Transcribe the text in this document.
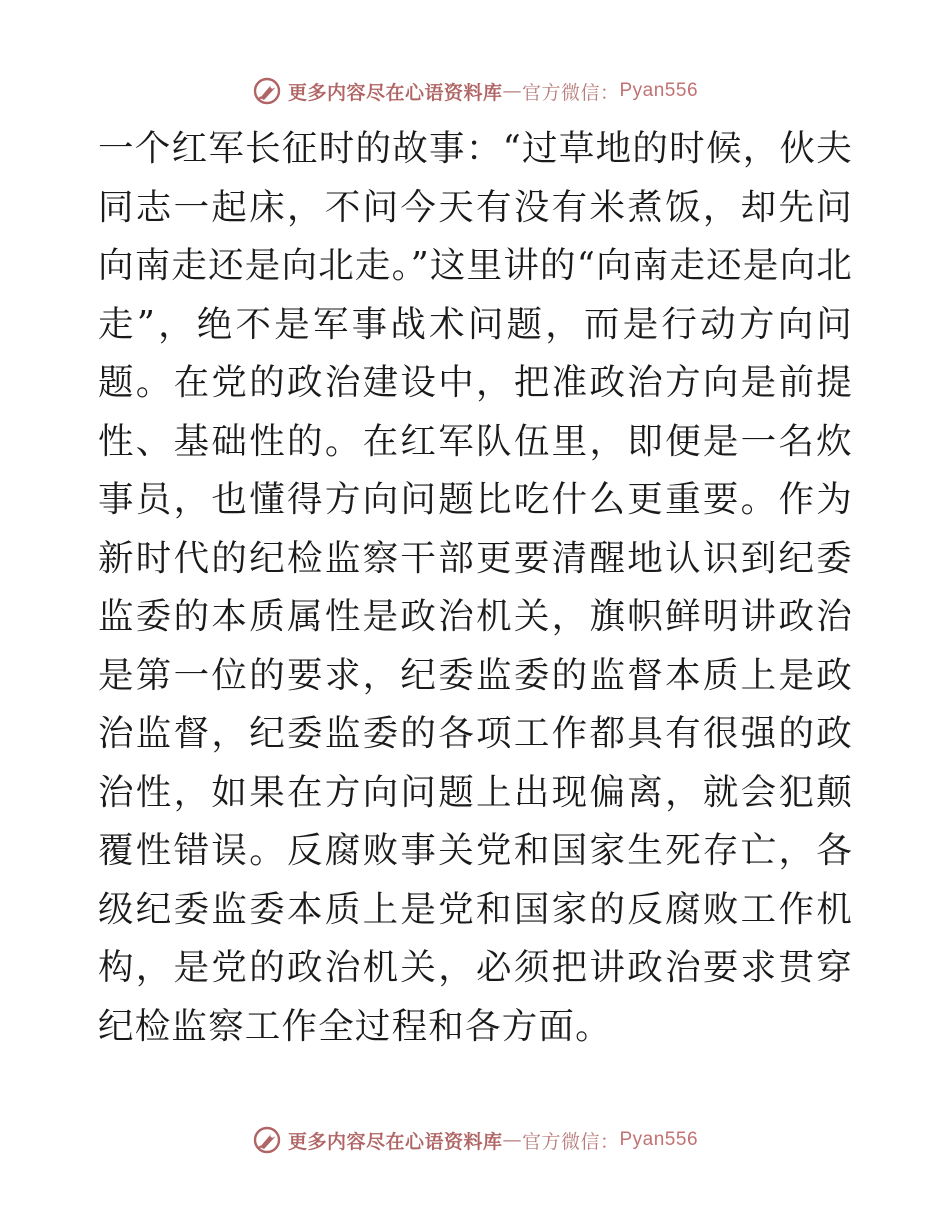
更多内容尽在心语资料库 — 官方微信： Pyan556

一个红军长征时的故事：“过草地的时候，伙夫同志一起床，不问今天有没有米煮饭，却先问向南走还是向北走。”这里讲的“向南走还是向北走”，绝不是军事战术问题，而是行动方向问题。在党的政治建设中，把准政治方向是前提性、基础性的。在红军队伍里，即便是一名炊事员，也懂得方向问题比吃什么更重要。作为新时代的纪检监察干部更要清醒地认识到纪委监委的本质属性是政治机关，旗帜鲜明讲政治是第一位的要求，纪委监委的监督本质上是政治监督，纪委监委的各项工作都具有很强的政治性，如果在方向问题上出现偏离，就会犯颠覆性错误。反腐败事关党和国家生死存亡，各级纪委监委本质上是党和国家的反腐败工作机构，是党的政治机关，必须把讲政治要求贯穿纪检监察工作全过程和各方面。

更多内容尽在心语资料库 — 官方微信： Pyan556
